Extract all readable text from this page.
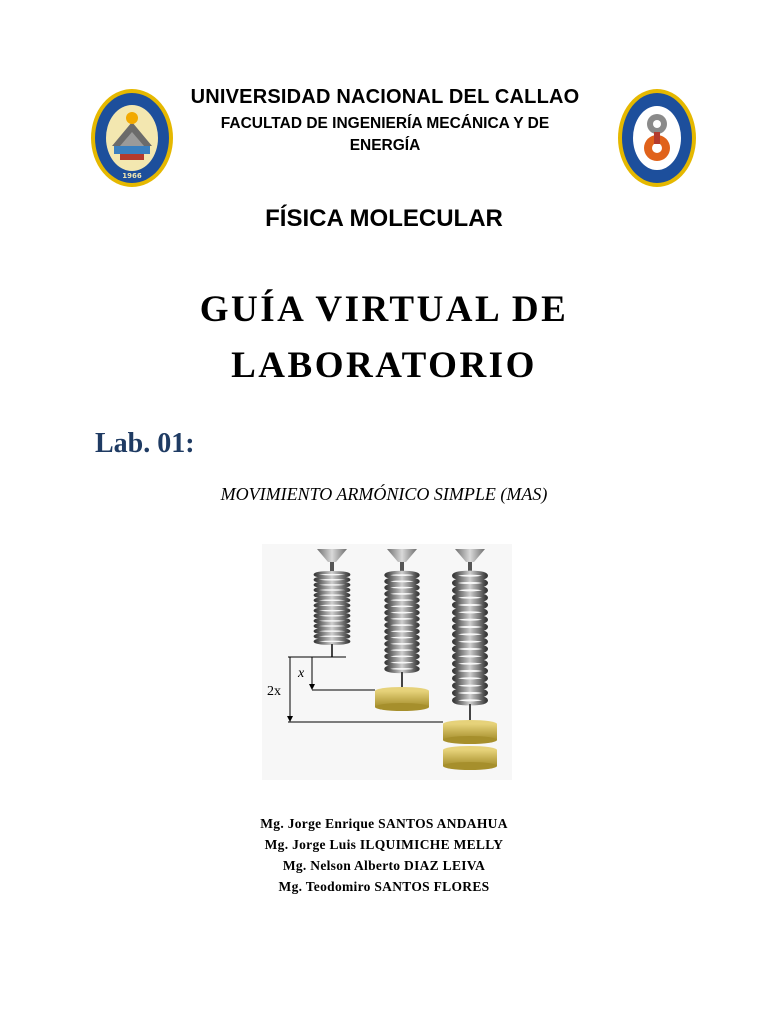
1966
UNIVERSIDAD NACIONAL DEL CALLAO
FACULTAD DE INGENIERÍA MECÁNICA Y DE ENERGÍA
FÍSICA MOLECULAR
GUÍA VIRTUAL DE
LABORATORIO
Lab. 01:
MOVIMIENTO ARMÓNICO SIMPLE (MAS)
x
2x
Mg. Jorge Enrique SANTOS ANDAHUA
Mg. Jorge Luis ILQUIMICHE MELLY
Mg. Nelson Alberto DIAZ LEIVA
Mg. Teodomiro SANTOS FLORES
